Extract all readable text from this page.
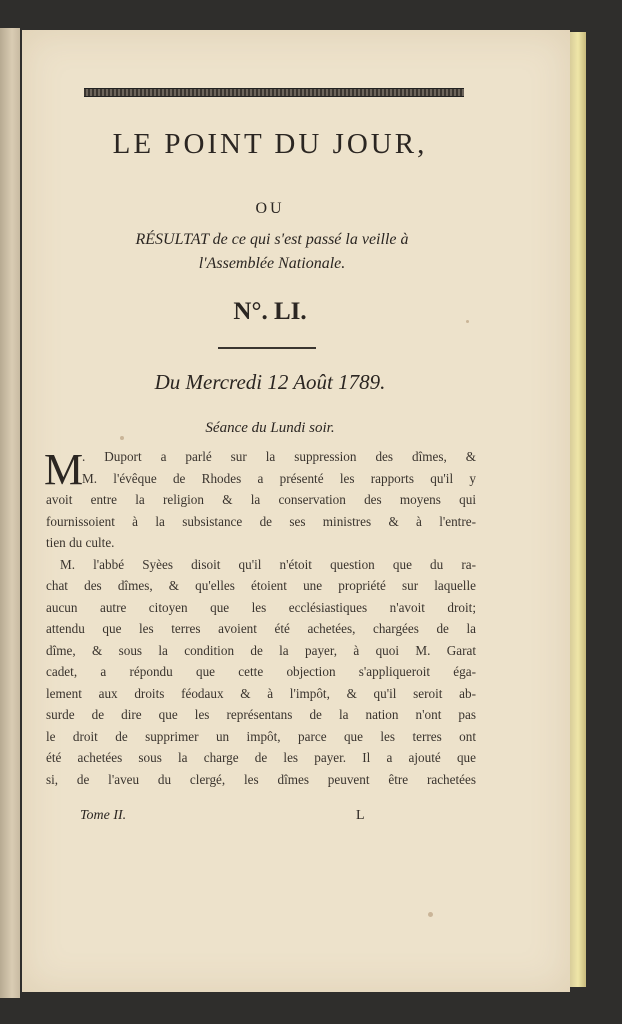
LE POINT DU JOUR,
OU
RÉSULTAT de ce qui s'est passé la veille à
l'Assemblée Nationale.
N°. LI.
Du Mercredi 12 Août 1789.
Séance du Lundi soir.
M
. Duport a parlé sur la suppression des dîmes, &
M. l'évêque de Rhodes a présenté les rapports qu'il y
avoit entre la religion & la conservation des moyens qui
fournissoient à la subsistance de ses ministres & à l'entre-
tien du culte.
M. l'abbé Syèes disoit qu'il n'étoit question que du ra-
chat des dîmes, & qu'elles étoient une propriété sur laquelle
aucun autre citoyen que les ecclésiastiques n'avoit droit;
attendu que les terres avoient été achetées, chargées de la
dîme, & sous la condition de la payer, à quoi M. Garat
cadet, a répondu que cette objection s'appliqueroit éga-
lement aux droits féodaux & à l'impôt, & qu'il seroit ab-
surde de dire que les représentans de la nation n'ont pas
le droit de supprimer un impôt, parce que les terres ont
été achetées sous la charge de les payer. Il a ajouté que
si, de l'aveu du clergé, les dîmes peuvent être rachetées
Tome II.	L
